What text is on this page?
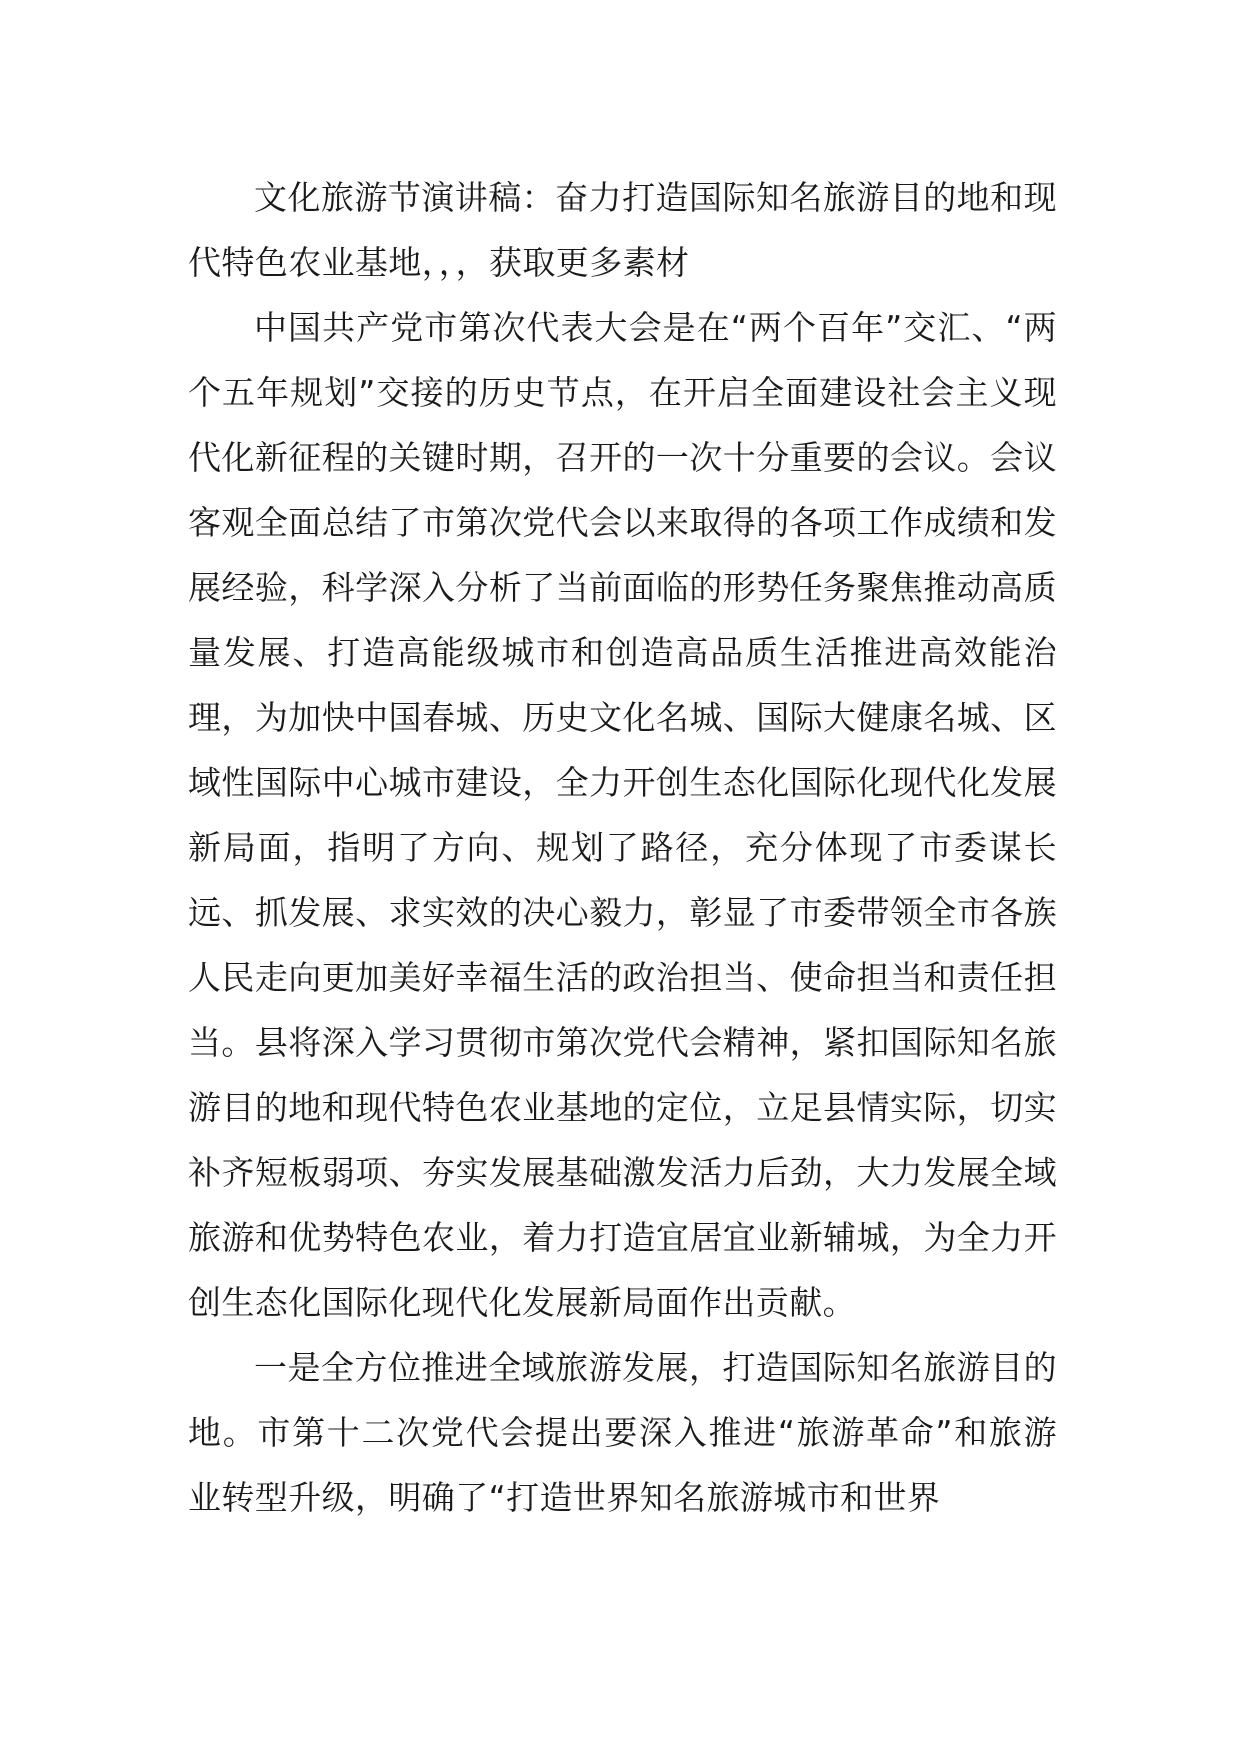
文化旅游节演讲稿：奋力打造国际知名旅游目的地和现代特色农业基地，，，获取更多素材

中国共产党市第次代表大会是在“两个百年”交汇、“两个五年规划”交接的历史节点，在开启全面建设社会主义现代化新征程的关键时期，召开的一次十分重要的会议。会议客观全面总结了市第次党代会以来取得的各项工作成绩和发展经验，科学深入分析了当前面临的形势任务聚焦推动高质量发展、打造高能级城市和创造高品质生活推进高效能治理，为加快中国春城、历史文化名城、国际大健康名城、区域性国际中心城市建设，全力开创生态化国际化现代化发展新局面，指明了方向、规划了路径，充分体现了市委谋长远、抓发展、求实效的决心毅力，彰显了市委带领全市各族人民走向更加美好幸福生活的政治担当、使命担当和责任担当。县将深入学习贯彻市第次党代会精神，紧扣国际知名旅游目的地和现代特色农业基地的定位，立足县情实际，切实补齐短板弱项、夯实发展基础激发活力后劲，大力发展全域旅游和优势特色农业，着力打造宜居宜业新辅城，为全力开创生态化国际化现代化发展新局面作出贡献。

一是全方位推进全域旅游发展，打造国际知名旅游目的地。市第十二次党代会提出要深入推进“旅游革命”和旅游业转型升级，明确了“打造世界知名旅游城市和世界
